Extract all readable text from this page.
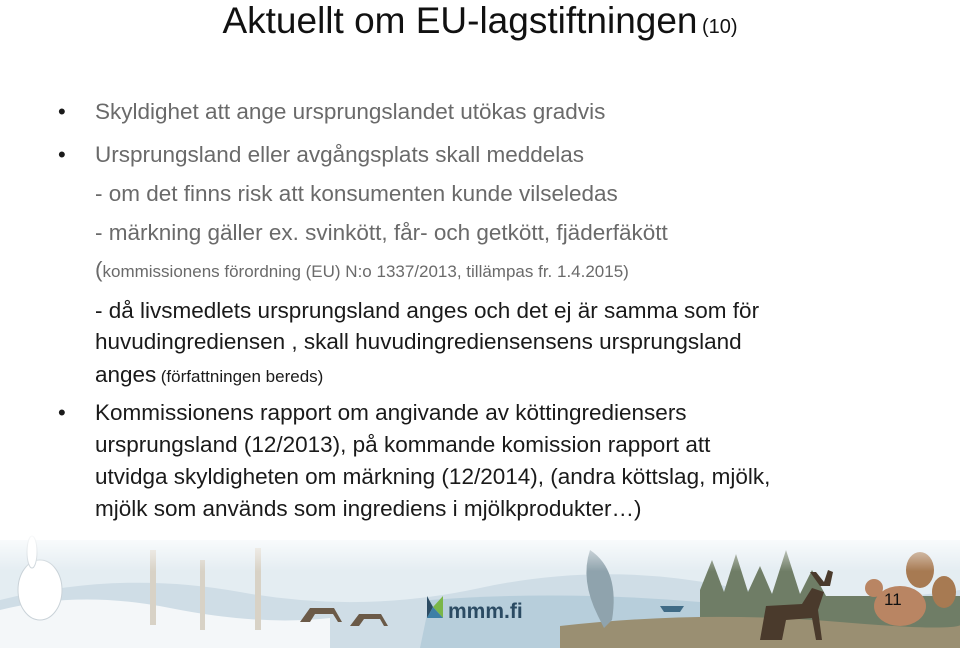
Aktuellt om EU-lagstiftningen (10)
• Skyldighet att ange ursprungslandet utökas gradvis
• Ursprungsland eller avgångsplats skall meddelas
- om det finns risk att konsumenten kunde vilseledas
- märkning gäller ex. svinkött, får- och getkött, fjäderfäkött
(kommissionens förordning (EU) N:o 1337/2013, tillämpas fr. 1.4.2015)
- då livsmedlets ursprungsland anges och det ej är samma som för
huvudingrediensen , skall huvudingrediensensens ursprungsland
anges (författningen bereds)
• Kommissionens rapport om angivande av köttingrediensers
ursprungsland (12/2013), på kommande komission rapport att
utvidga skyldigheten om märkning (12/2014), (andra köttslag, mjölk,
mjölk som används som ingrediens i mjölkprodukter…)
mmm.fi
11
